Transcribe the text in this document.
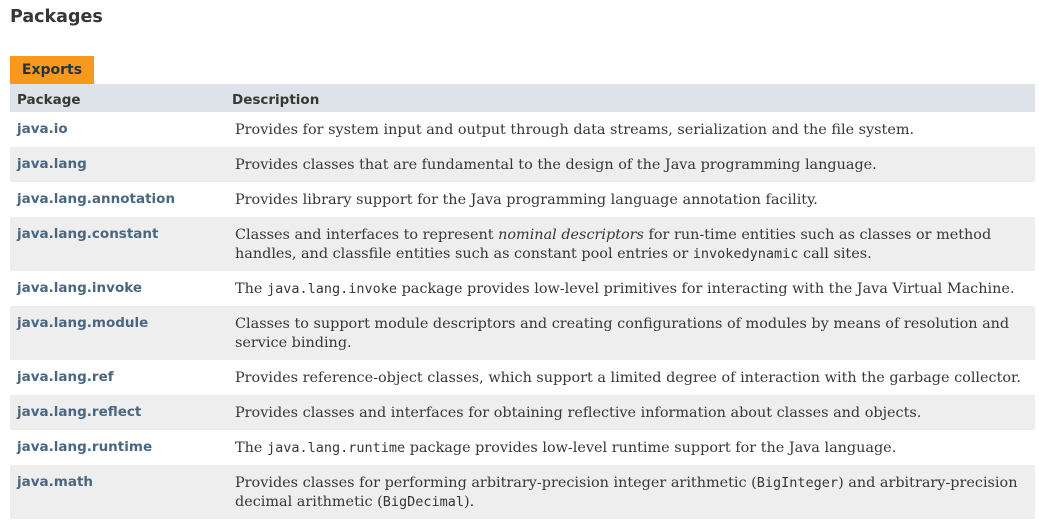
Packages
Exports
Package	Description
java.io	Provides for system input and output through data streams, serialization and the file system.
java.lang	Provides classes that are fundamental to the design of the Java programming language.
java.lang.annotation	Provides library support for the Java programming language annotation facility.
java.lang.constant	Classes and interfaces to represent nominal descriptors for run-time entities such as classes or method handles, and classfile entities such as constant pool entries or invokedynamic call sites.
java.lang.invoke	The java.lang.invoke package provides low-level primitives for interacting with the Java Virtual Machine.
java.lang.module	Classes to support module descriptors and creating configurations of modules by means of resolution and service binding.
java.lang.ref	Provides reference-object classes, which support a limited degree of interaction with the garbage collector.
java.lang.reflect	Provides classes and interfaces for obtaining reflective information about classes and objects.
java.lang.runtime	The java.lang.runtime package provides low-level runtime support for the Java language.
java.math	Provides classes for performing arbitrary-precision integer arithmetic (BigInteger) and arbitrary-precision decimal arithmetic (BigDecimal).
